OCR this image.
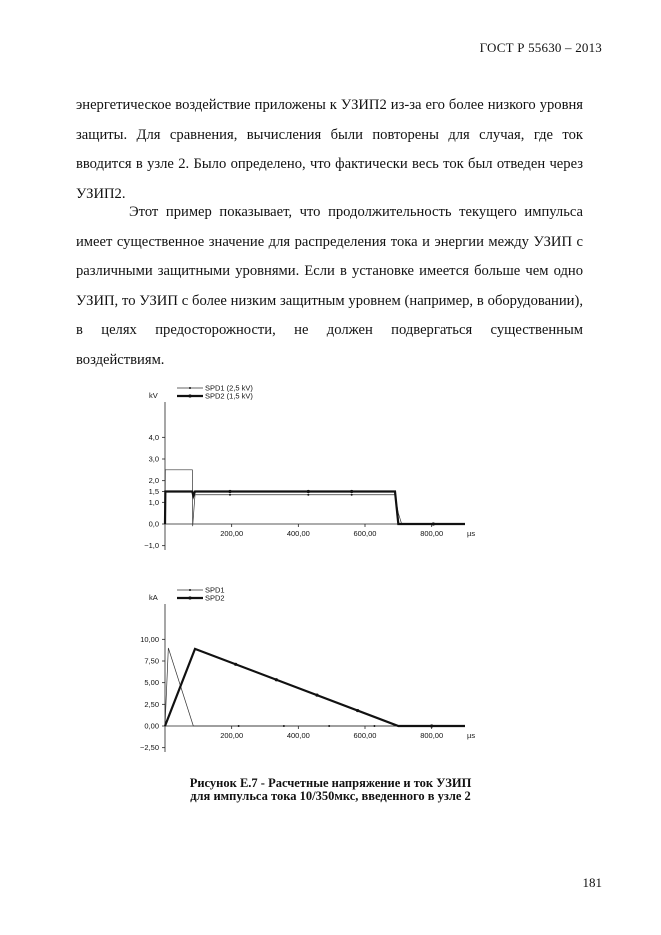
ГОСТ Р 55630 – 2013

энергетическое воздействие приложены к УЗИП2 из-за его более низкого уровня защиты. Для сравнения, вычисления были повторены для случая, где ток вводится в узле 2. Было определено, что фактически весь ток был отведен через УЗИП2.

Этот пример показывает, что продолжительность текущего импульса имеет существенное значение для распределения тока и энергии между УЗИП с различными защитными уровнями. Если в установке имеется больше чем одно УЗИП, то УЗИП с более низким защитным уровнем (например, в оборудовании), в целях предосторожности, не должен подвергаться существенным воздействиям.

4,0
3,0
2,0
1,5
1,0
0,0
−1,0
200,00	400,00	600,00	800,00
kV
µs
SPD1 (2,5 kV)
SPD2 (1,5 kV)
10,00
7,50
5,00
2,50
0,00
−2,50
200,00	400,00	600,00	800,00
kA
µs
SPD1
SPD2
Рисунок Е.7 - Расчетные напряжение и ток УЗИП
для импульса тока 10/350мкс, введенного в узле 2
181
